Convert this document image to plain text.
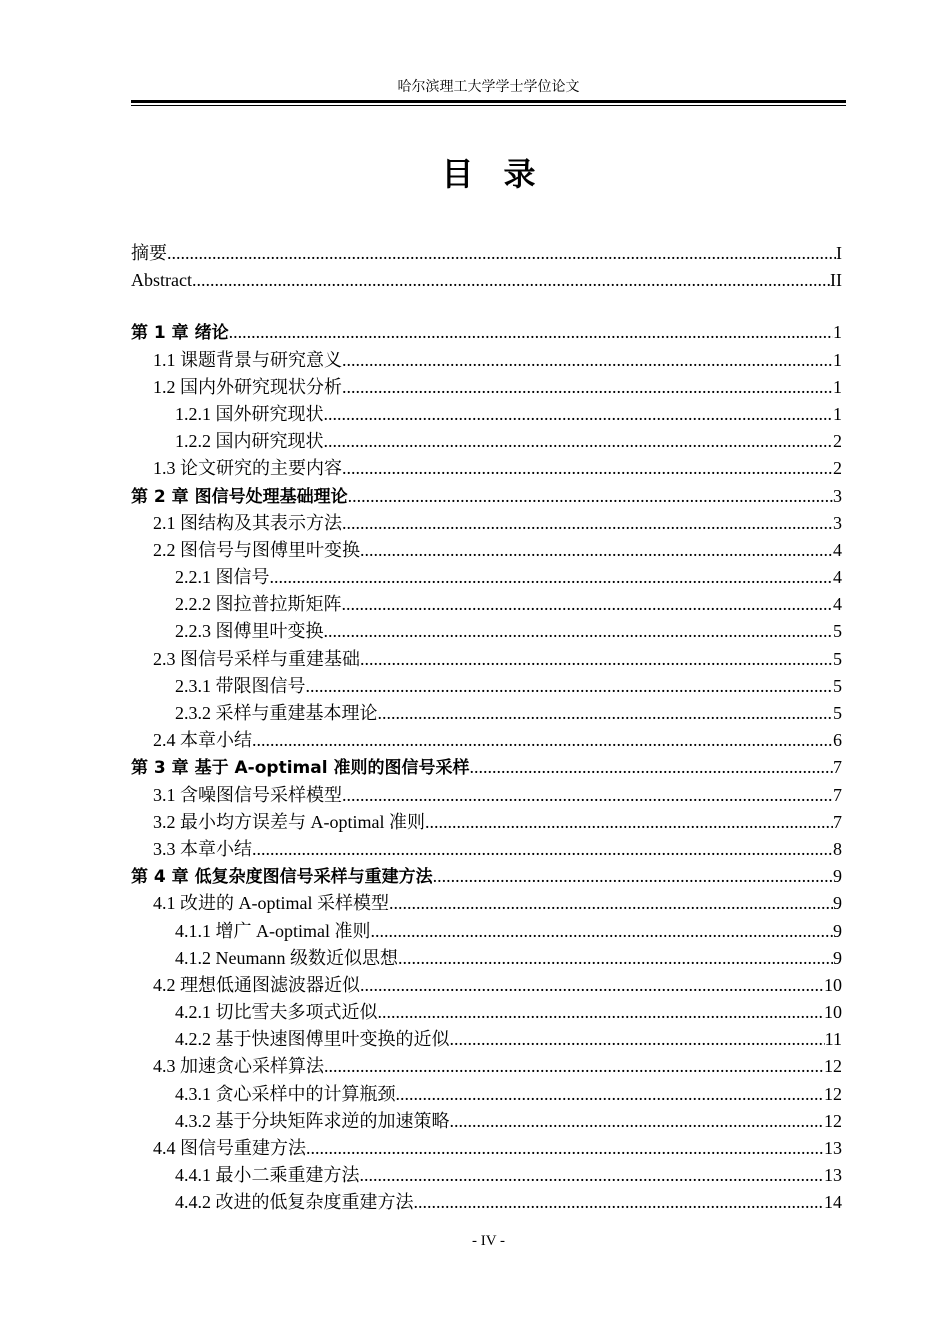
哈尔滨理工大学学士学位论文
目录
摘要 .....	I
Abstract .....	II
第 1 章 绪论 .....	1
1.1 课题背景与研究意义 .....	1
1.2 国内外研究现状分析 .....	1
1.2.1 国外研究现状 .....	1
1.2.2 国内研究现状 .....	2
1.3 论文研究的主要内容 .....	2
第 2 章 图信号处理基础理论 .....	3
2.1 图结构及其表示方法 .....	3
2.2 图信号与图傅里叶变换 .....	4
2.2.1 图信号 .....	4
2.2.2 图拉普拉斯矩阵 .....	4
2.2.3 图傅里叶变换 .....	5
2.3 图信号采样与重建基础 .....	5
2.3.1 带限图信号 .....	5
2.3.2 采样与重建基本理论 .....	5
2.4 本章小结 .....	6
第 3 章 基于 A-optimal 准则的图信号采样 .....	7
3.1 含噪图信号采样模型 .....	7
3.2 最小均方误差与 A-optimal 准则 .....	7
3.3 本章小结 .....	8
第 4 章 低复杂度图信号采样与重建方法 .....	9
4.1 改进的 A-optimal 采样模型 .....	9
4.1.1 增广 A-optimal 准则 .....	9
4.1.2 Neumann 级数近似思想 .....	9
4.2 理想低通图滤波器近似 .....	10
4.2.1 切比雪夫多项式近似 .....	10
4.2.2 基于快速图傅里叶变换的近似 .....	11
4.3 加速贪心采样算法 .....	12
4.3.1 贪心采样中的计算瓶颈 .....	12
4.3.2 基于分块矩阵求逆的加速策略 .....	12
4.4 图信号重建方法 .....	13
4.4.1 最小二乘重建方法 .....	13
4.4.2 改进的低复杂度重建方法 .....	14
- IV -
